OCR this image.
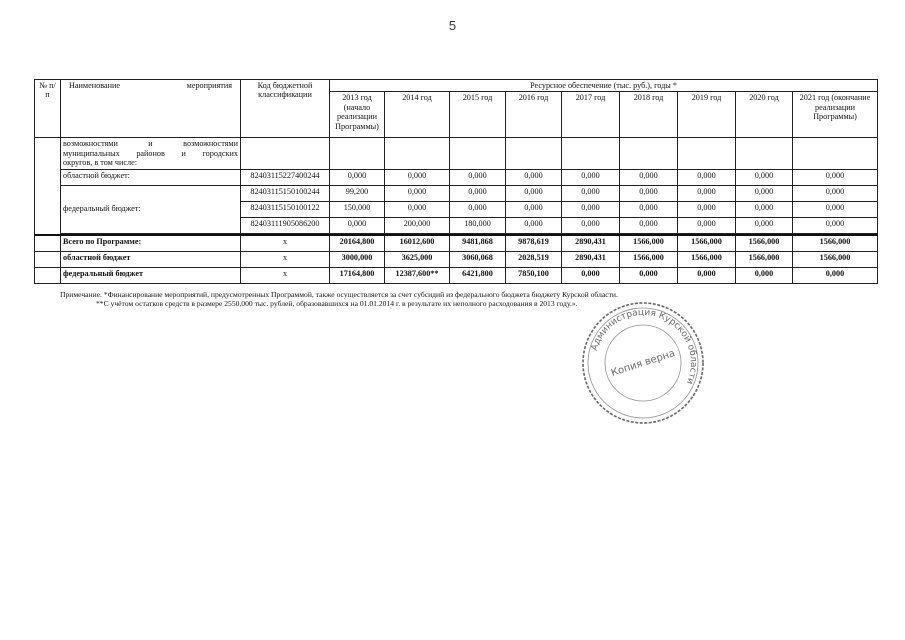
5
№ п/ п	Наименование мероприятия	Код бюджетной классификации	Ресурсное обеспечение (тыс. руб.), годы *								
			2013 год (начало реализации Программы)	2014 год	2015 год	2016 год	2017 год	2018 год	2019 год	2020 год	2021 год (окончание реализации Программы)

	возможностями и возможностями
муниципальных районов и городских
округов, в том числе:										

	областной бюджет:	82403115227400244	0,000	0,000	0,000	0,000	0,000	0,000	0,000	0,000	0,000
	федеральный бюджет:	82403115150100244	99,200	0,000	0,000	0,000	0,000	0,000	0,000	0,000	0,000
		82403115150100122	150,000	0,000	0,000	0,000	0,000	0,000	0,000	0,000	0,000
		82403111905086200	0,000	200,000	180,000	0,000	0,000	0,000	0,000	0,000	0,000

	Всего по Программе:	х	20164,800	16012,600	9481,868	9878,619	2890,431	1566,000	1566,000	1566,000	1566,000
	областной бюджет	х	3000,000	3625,000	3060,068	2028,519	2890,431	1566,000	1566,000	1566,000	1566,000
	федеральный бюджет	х	17164,800	12387,600**	6421,800	7850,100	0,000	0,000	0,000	0,000	0,000
Примечание. *Финансирование мероприятий, предусмотренных Программой, также осуществляется за счет субсидий из федерального бюджета бюджету Курской области.
**С учётом остатков средств в размере 2550,000 тыс. рублей, образовавшихся на 01.01.2014 г. в результате их неполного расходования в 2013 году.».
Администрация Курской области
Копия верна
